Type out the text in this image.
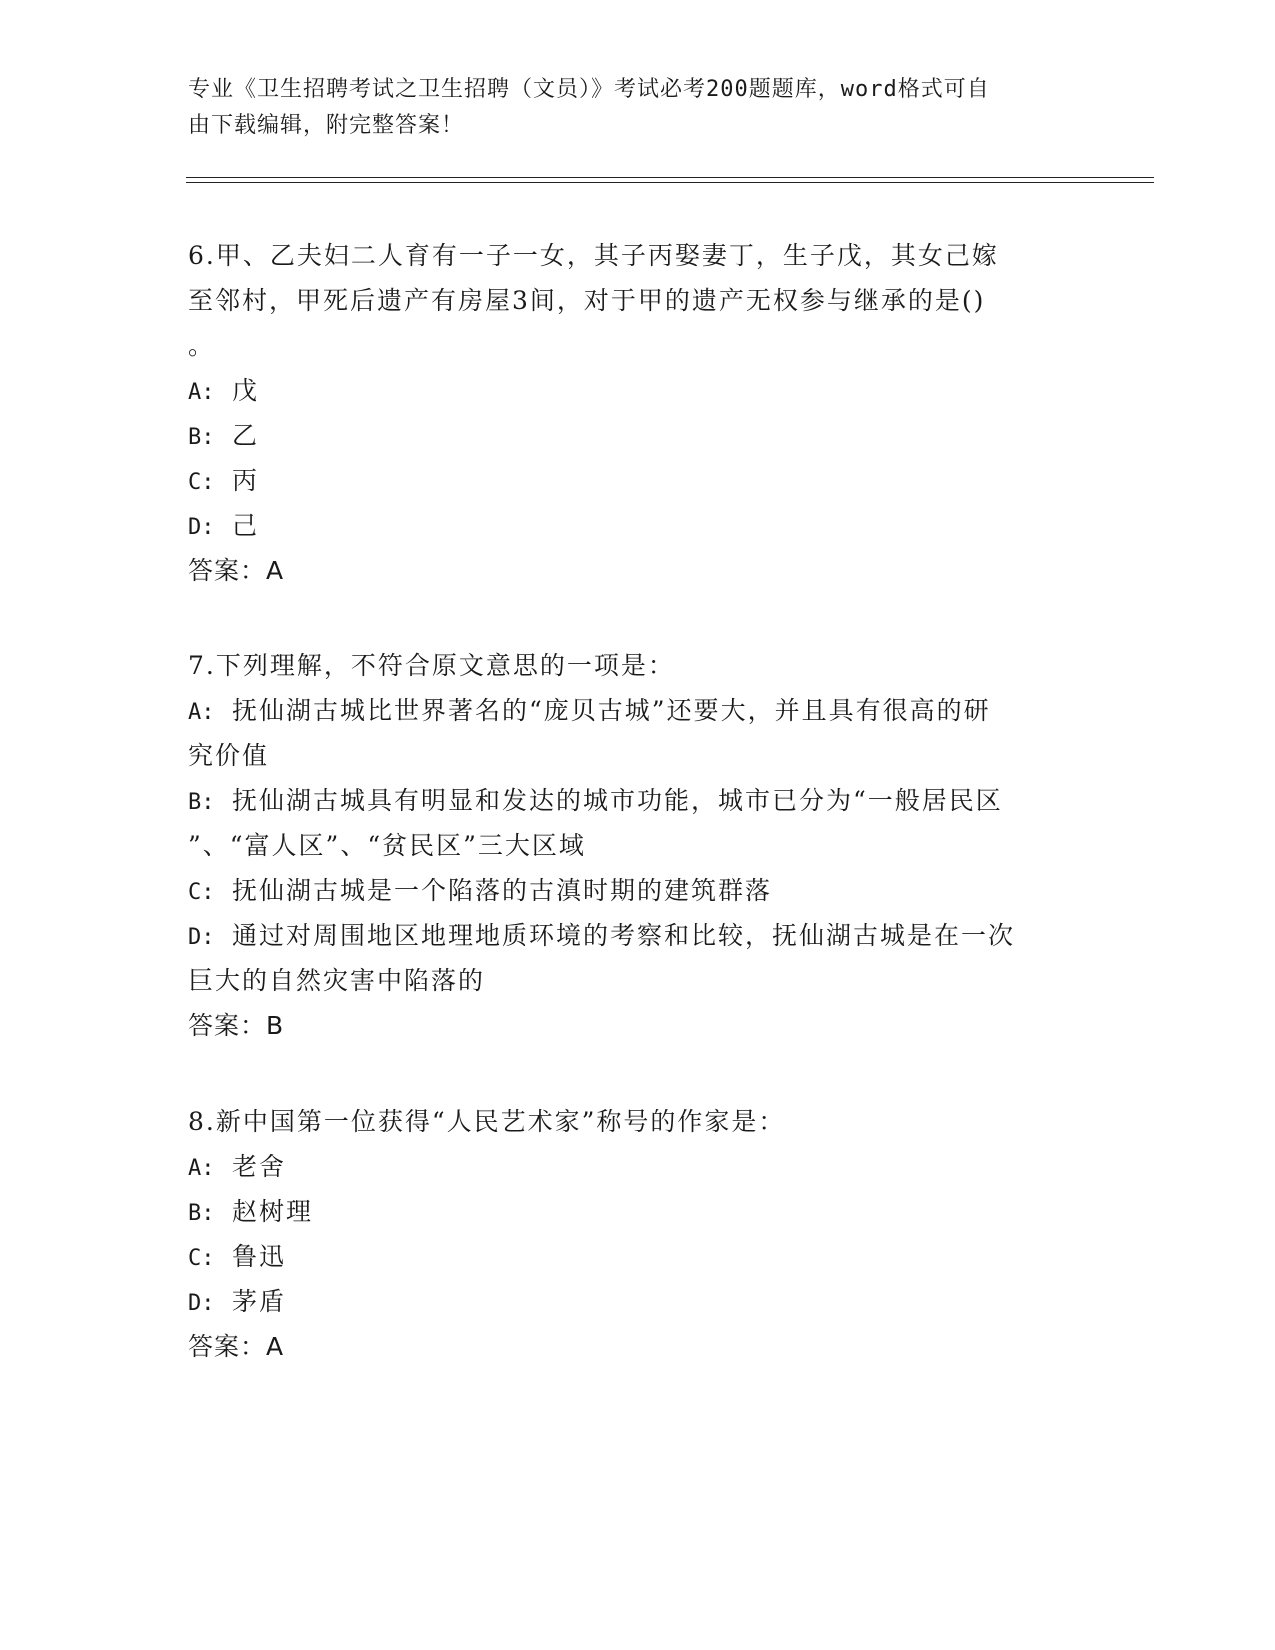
专业《卫生招聘考试之卫生招聘（文员）》考试必考200题题库，word格式可自
由下载编辑，附完整答案！
6.甲、乙夫妇二人育有一子一女，其子丙娶妻丁，生子戊，其女己嫁
至邻村，甲死后遗产有房屋3间，对于甲的遗产无权参与继承的是()
。
A: 戊
B: 乙
C: 丙
D: 己
答案：A
7.下列理解，不符合原文意思的一项是：
A: 抚仙湖古城比世界著名的“庞贝古城”还要大，并且具有很高的研
究价值
B: 抚仙湖古城具有明显和发达的城市功能，城市已分为“一般居民区
”、“富人区”、“贫民区”三大区域
C: 抚仙湖古城是一个陷落的古滇时期的建筑群落
D: 通过对周围地区地理地质环境的考察和比较，抚仙湖古城是在一次
巨大的自然灾害中陷落的
答案：B
8.新中国第一位获得“人民艺术家”称号的作家是：
A: 老舍
B: 赵树理
C: 鲁迅
D: 茅盾
答案：A
